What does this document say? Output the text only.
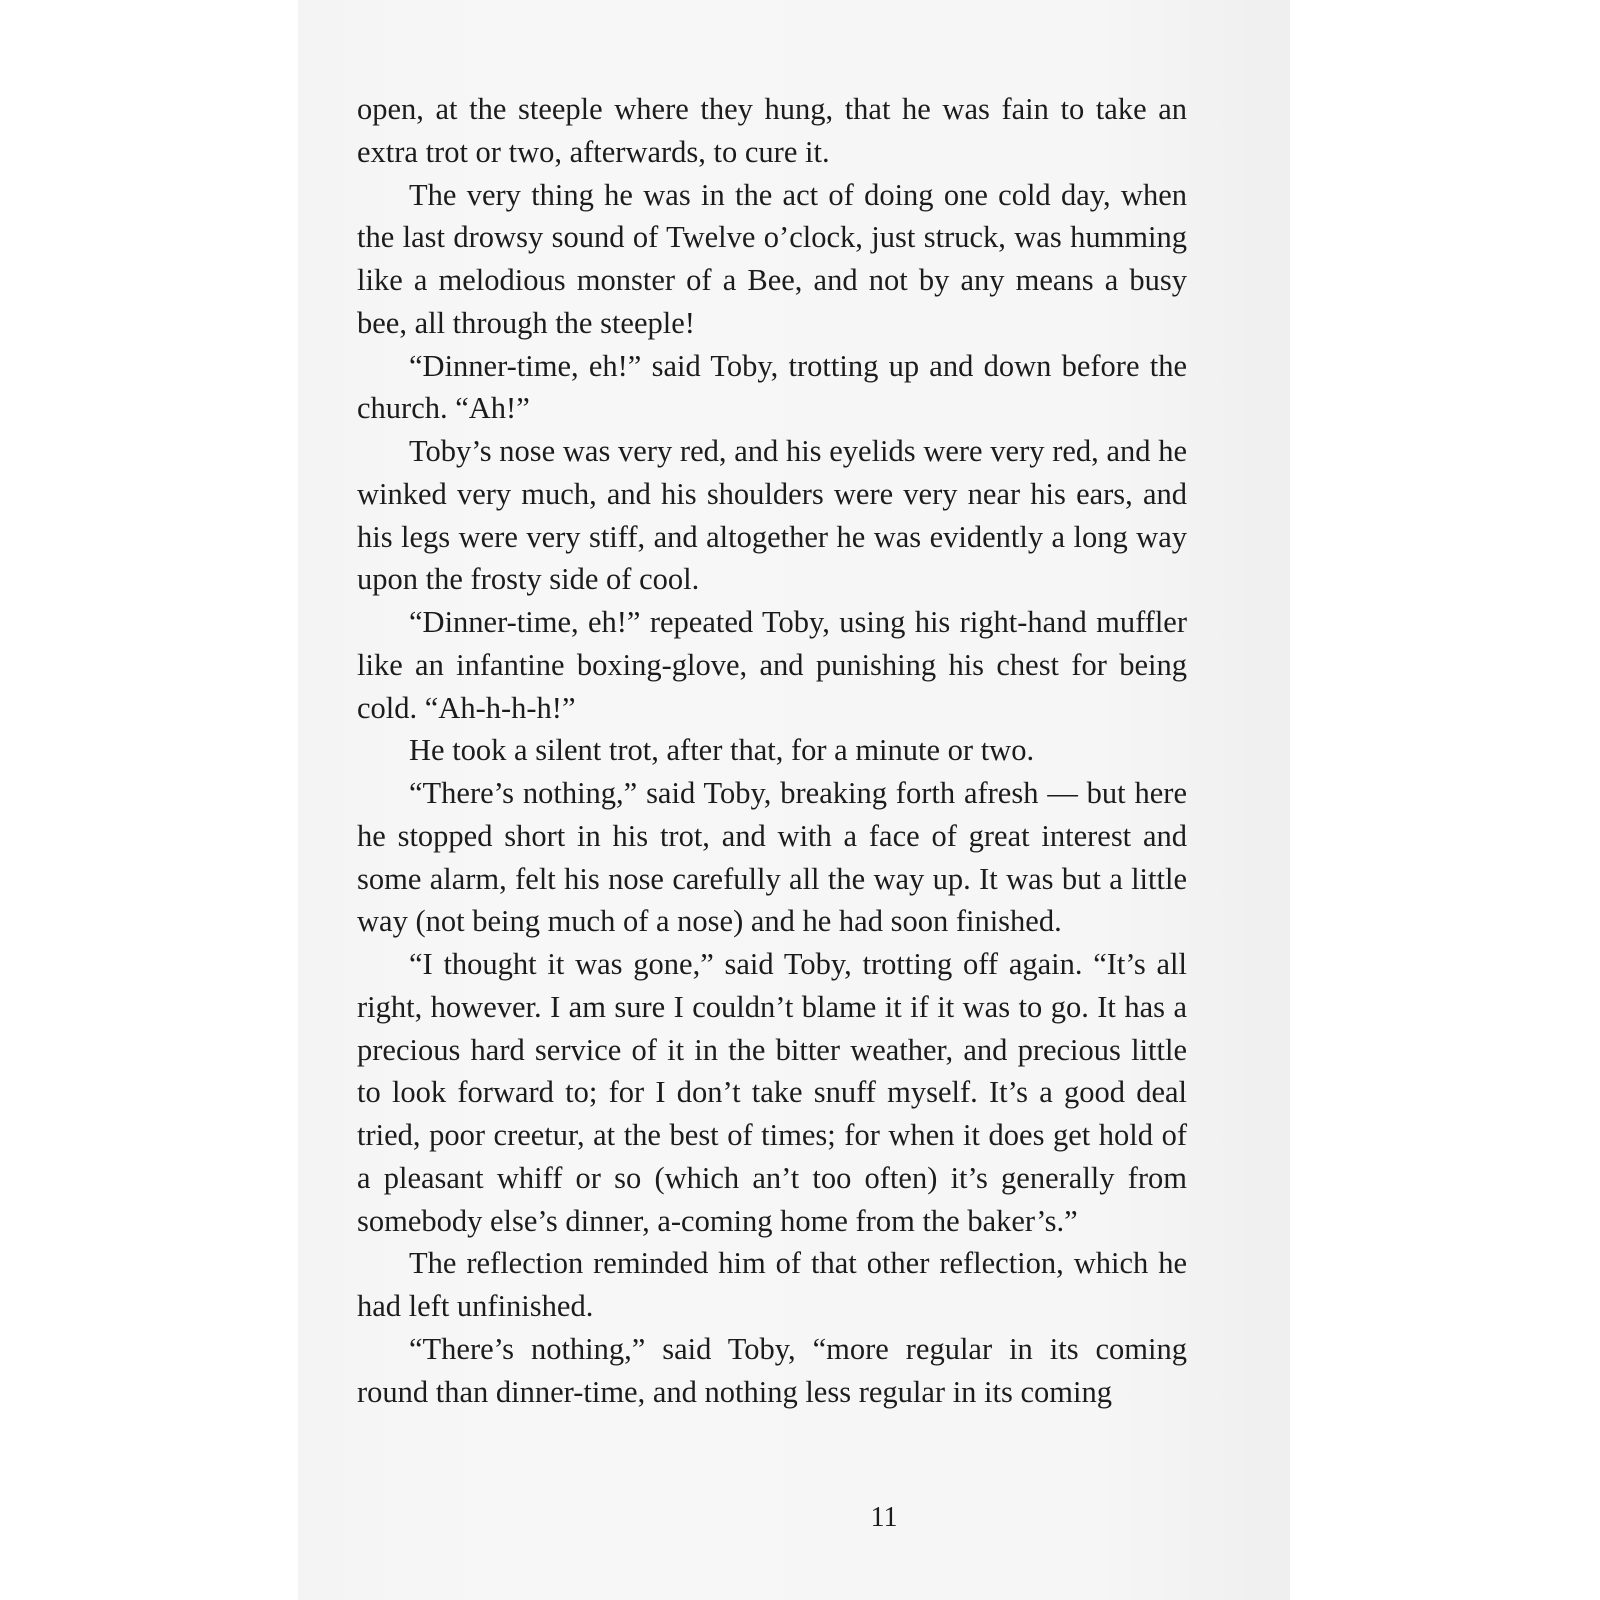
open, at the steeple where they hung, that he was fain to take an extra trot or two, afterwards, to cure it.

The very thing he was in the act of doing one cold day, when the last drowsy sound of Twelve o’clock, just struck, was humming like a melodious monster of a Bee, and not by any means a busy bee, all through the steeple!

“Dinner-time, eh!” said Toby, trotting up and down before the church. “Ah!”

Toby’s nose was very red, and his eyelids were very red, and he winked very much, and his shoulders were very near his ears, and his legs were very stiff, and altogether he was evidently a long way upon the frosty side of cool.

“Dinner-time, eh!” repeated Toby, using his right-hand muffler like an infantine boxing-glove, and punishing his chest for being cold. “Ah-h-h-h!”

He took a silent trot, after that, for a minute or two.

“There’s nothing,” said Toby, breaking forth afresh — but here he stopped short in his trot, and with a face of great interest and some alarm, felt his nose carefully all the way up. It was but a little way (not being much of a nose) and he had soon finished.

“I thought it was gone,” said Toby, trotting off again. “It’s all right, however. I am sure I couldn’t blame it if it was to go. It has a precious hard service of it in the bitter weather, and precious little to look forward to; for I don’t take snuff myself. It’s a good deal tried, poor creetur, at the best of times; for when it does get hold of a pleasant whiff or so (which an’t too often) it’s generally from somebody else’s dinner, a-coming home from the baker’s.”

The reflection reminded him of that other reflection, which he had left unfinished.

“There’s nothing,” said Toby, “more regular in its coming round than dinner-time, and nothing less regular in its coming

11
